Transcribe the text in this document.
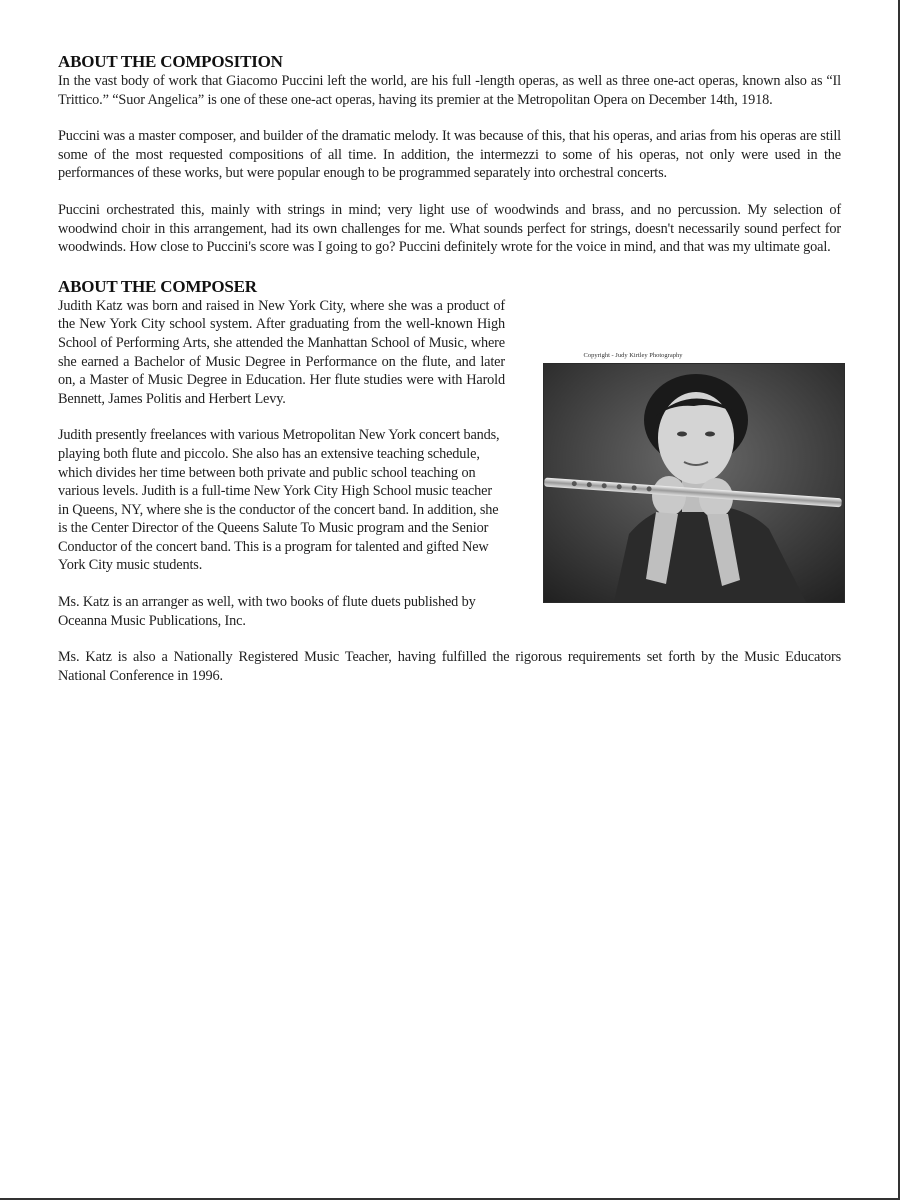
ABOUT THE COMPOSITION

In the vast body of work that Giacomo Puccini left the world, are his full -length operas, as well as three one-act operas, known also as “Il Trittico.” “Suor Angelica” is one of these one-act operas, having its premier at the Metropolitan Opera on December 14th, 1918.

Puccini was a master composer, and builder of the dramatic melody. It was because of this, that his operas, and arias from his operas are still some of the most requested compositions of all time. In addition, the intermezzi to some of his operas, not only were used in the performances of these works, but were popular enough to be programmed separately into orchestral concerts.

Puccini orchestrated this, mainly with strings in mind; very light use of woodwinds and brass, and no percussion. My selection of woodwind choir in this arrangement, had its own challenges for me. What sounds perfect for strings, doesn't necessarily sound perfect for woodwinds. How close to Puccini's score was I going to go? Puccini definitely wrote for the voice in mind, and that was my ultimate goal.

ABOUT THE COMPOSER

Copyright - Judy Kirtley Photography

Judith Katz was born and raised in New York City, where she was a product of the New York City school system. After graduating from the well-known High School of Performing Arts, she attended the Manhattan School of Music, where she earned a Bachelor of Music Degree in Performance on the flute, and later on, a Master of Music Degree in Education. Her flute studies were with Harold Bennett, James Politis and Herbert Levy.

Judith presently freelances with various Metropolitan New York concert bands, playing both flute and piccolo. She also has an extensive teaching schedule, which divides her time between both private and public school teaching on various levels. Judith is a full-time New York City High School music teacher in Queens, NY, where she is the conductor of the concert band. In addition, she is the Center Director of the Queens Salute To Music program and the Senior Conductor of the concert band. This is a program for talented and gifted New York City music students.

Ms. Katz is an arranger as well, with two books of flute duets published by Oceanna Music Publications, Inc.

Ms. Katz is also a Nationally Registered Music Teacher, having fulfilled the rigorous requirements set forth by the Music Educators National Conference in 1996.
